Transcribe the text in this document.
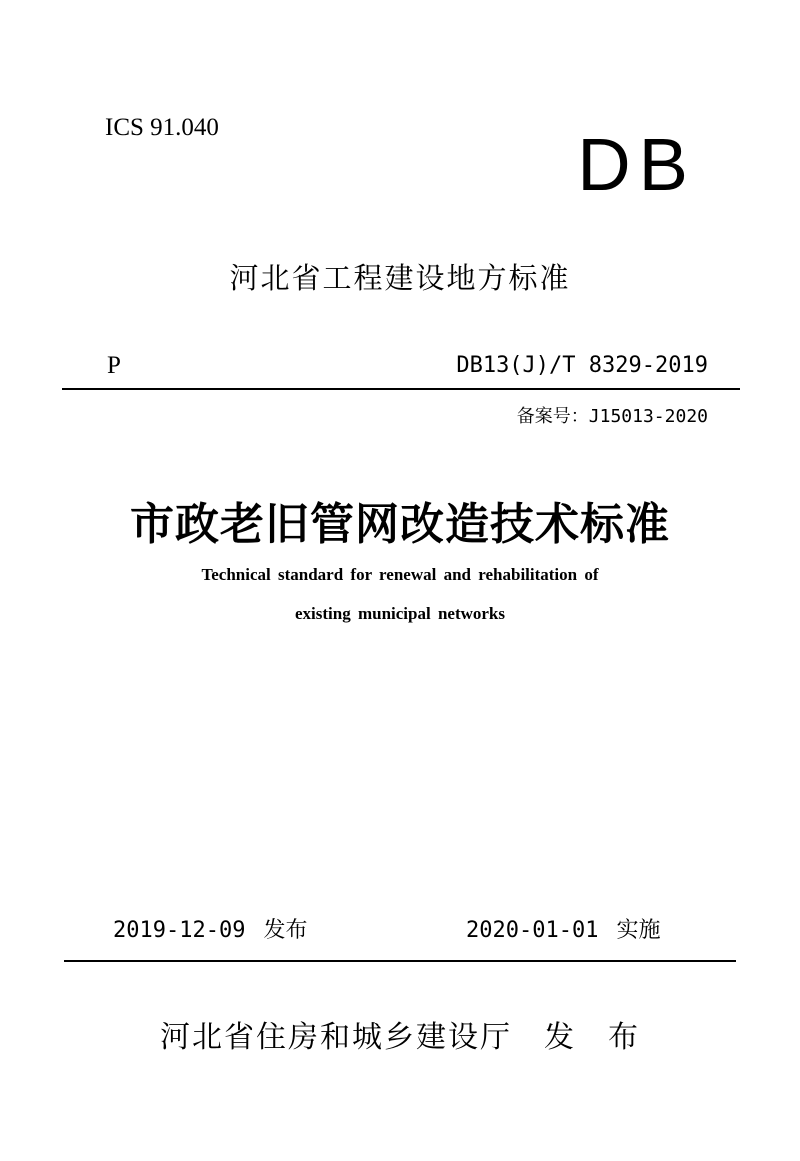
ICS 91.040	DB
河北省工程建设地方标准
P	DB13(J)/T 8329-2019
备案号：J15013-2020
市政老旧管网改造技术标准
Technical standard for renewal and rehabilitation of
existing municipal networks
2019-12-09 发布	2020-01-01 实施
河北省住房和城乡建设厅 发 布
